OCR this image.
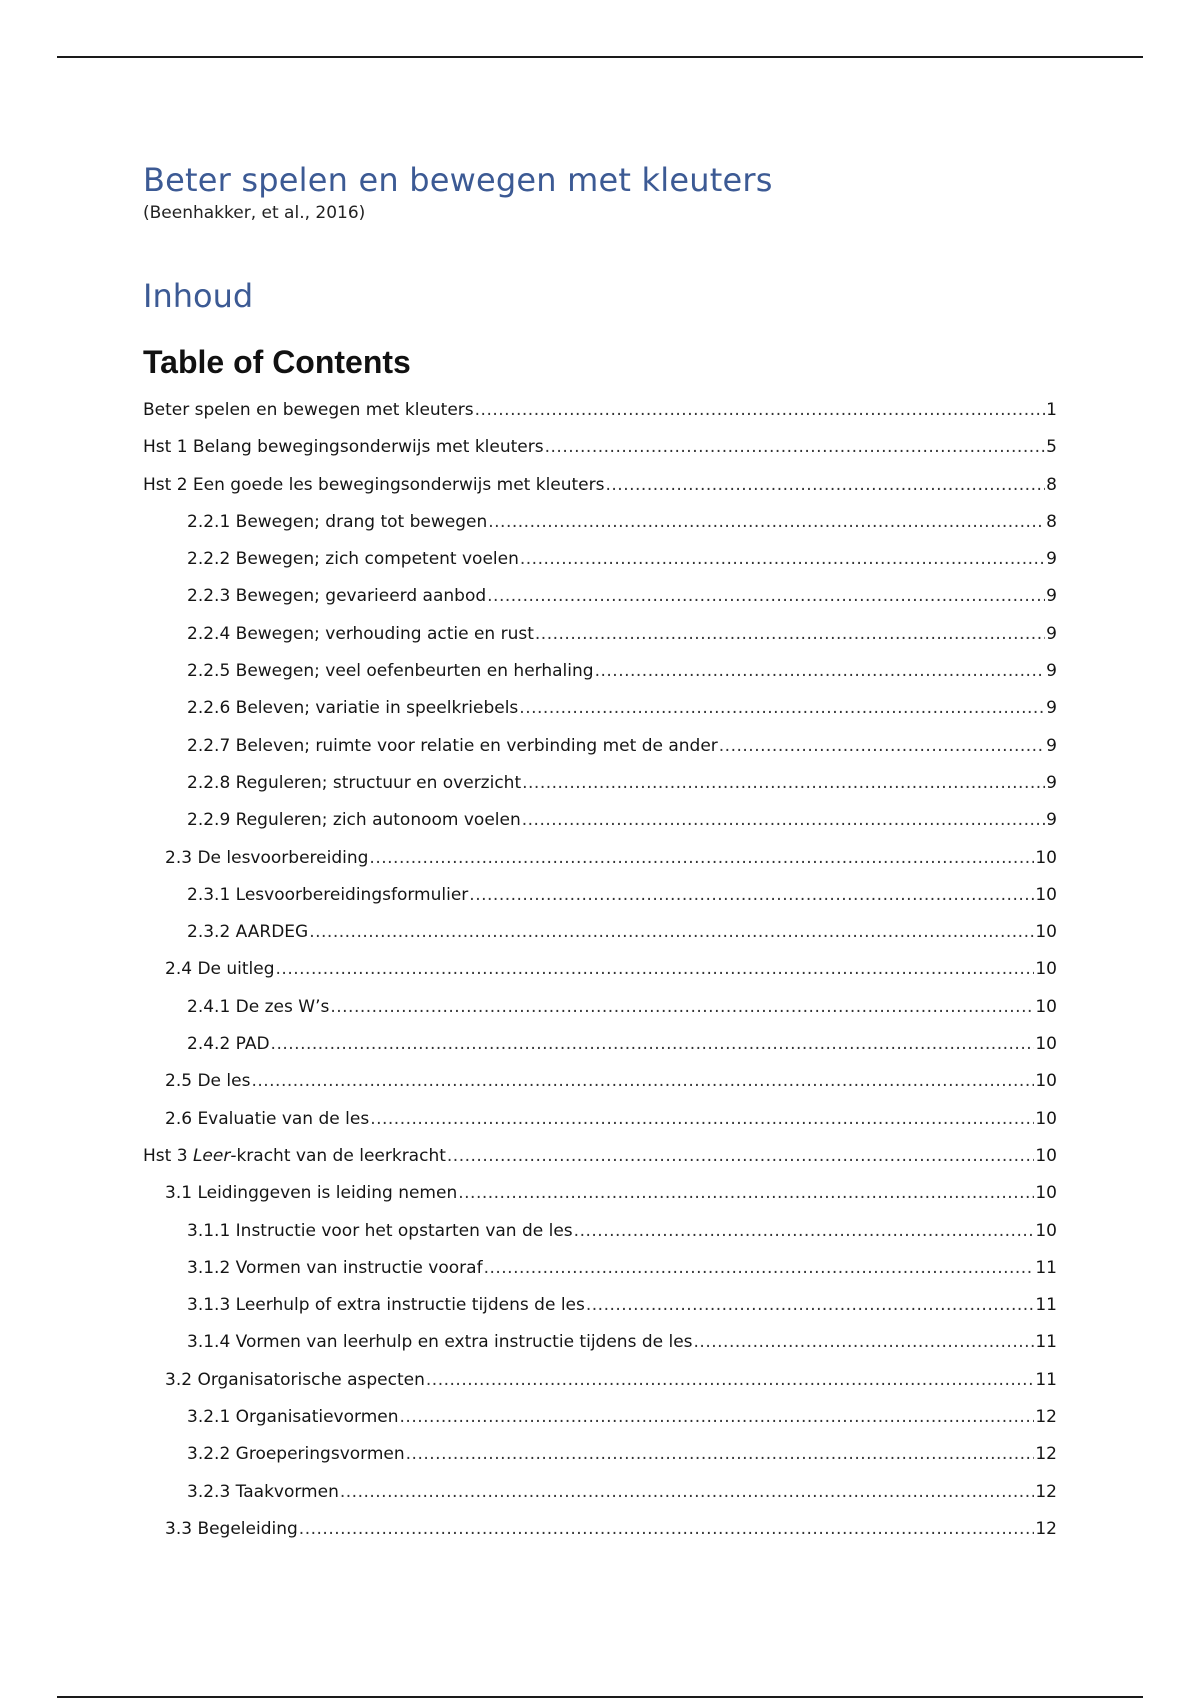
Beter spelen en bewegen met kleuters

(Beenhakker, et al., 2016)

Inhoud
Table of Contents
Beter spelen en bewegen met kleuters .....	1
Hst 1 Belang bewegingsonderwijs met kleuters .....	5
Hst 2 Een goede les bewegingsonderwijs met kleuters .....	8
2.2.1 Bewegen; drang tot bewegen .....	8
2.2.2 Bewegen; zich competent voelen .....	9
2.2.3 Bewegen; gevarieerd aanbod .....	9
2.2.4 Bewegen; verhouding actie en rust .....	9
2.2.5 Bewegen; veel oefenbeurten en herhaling .....	9
2.2.6 Beleven; variatie in speelkriebels .....	9
2.2.7 Beleven; ruimte voor relatie en verbinding met de ander .....	9
2.2.8 Reguleren; structuur en overzicht .....	9
2.2.9 Reguleren; zich autonoom voelen .....	9
2.3 De lesvoorbereiding .....	10
2.3.1 Lesvoorbereidingsformulier .....	10
2.3.2 AARDEG .....	10
2.4 De uitleg .....	10
2.4.1 De zes W’s .....	10
2.4.2 PAD .....	10
2.5 De les .....	10
2.6 Evaluatie van de les .....	10
Hst 3 Leer-kracht van de leerkracht .....	10
3.1 Leidinggeven is leiding nemen .....	10
3.1.1 Instructie voor het opstarten van de les .....	10
3.1.2 Vormen van instructie vooraf .....	11
3.1.3 Leerhulp of extra instructie tijdens de les .....	11
3.1.4 Vormen van leerhulp en extra instructie tijdens de les .....	11
3.2 Organisatorische aspecten .....	11
3.2.1 Organisatievormen .....	12
3.2.2 Groeperingsvormen .....	12
3.2.3 Taakvormen .....	12
3.3 Begeleiding .....	12
